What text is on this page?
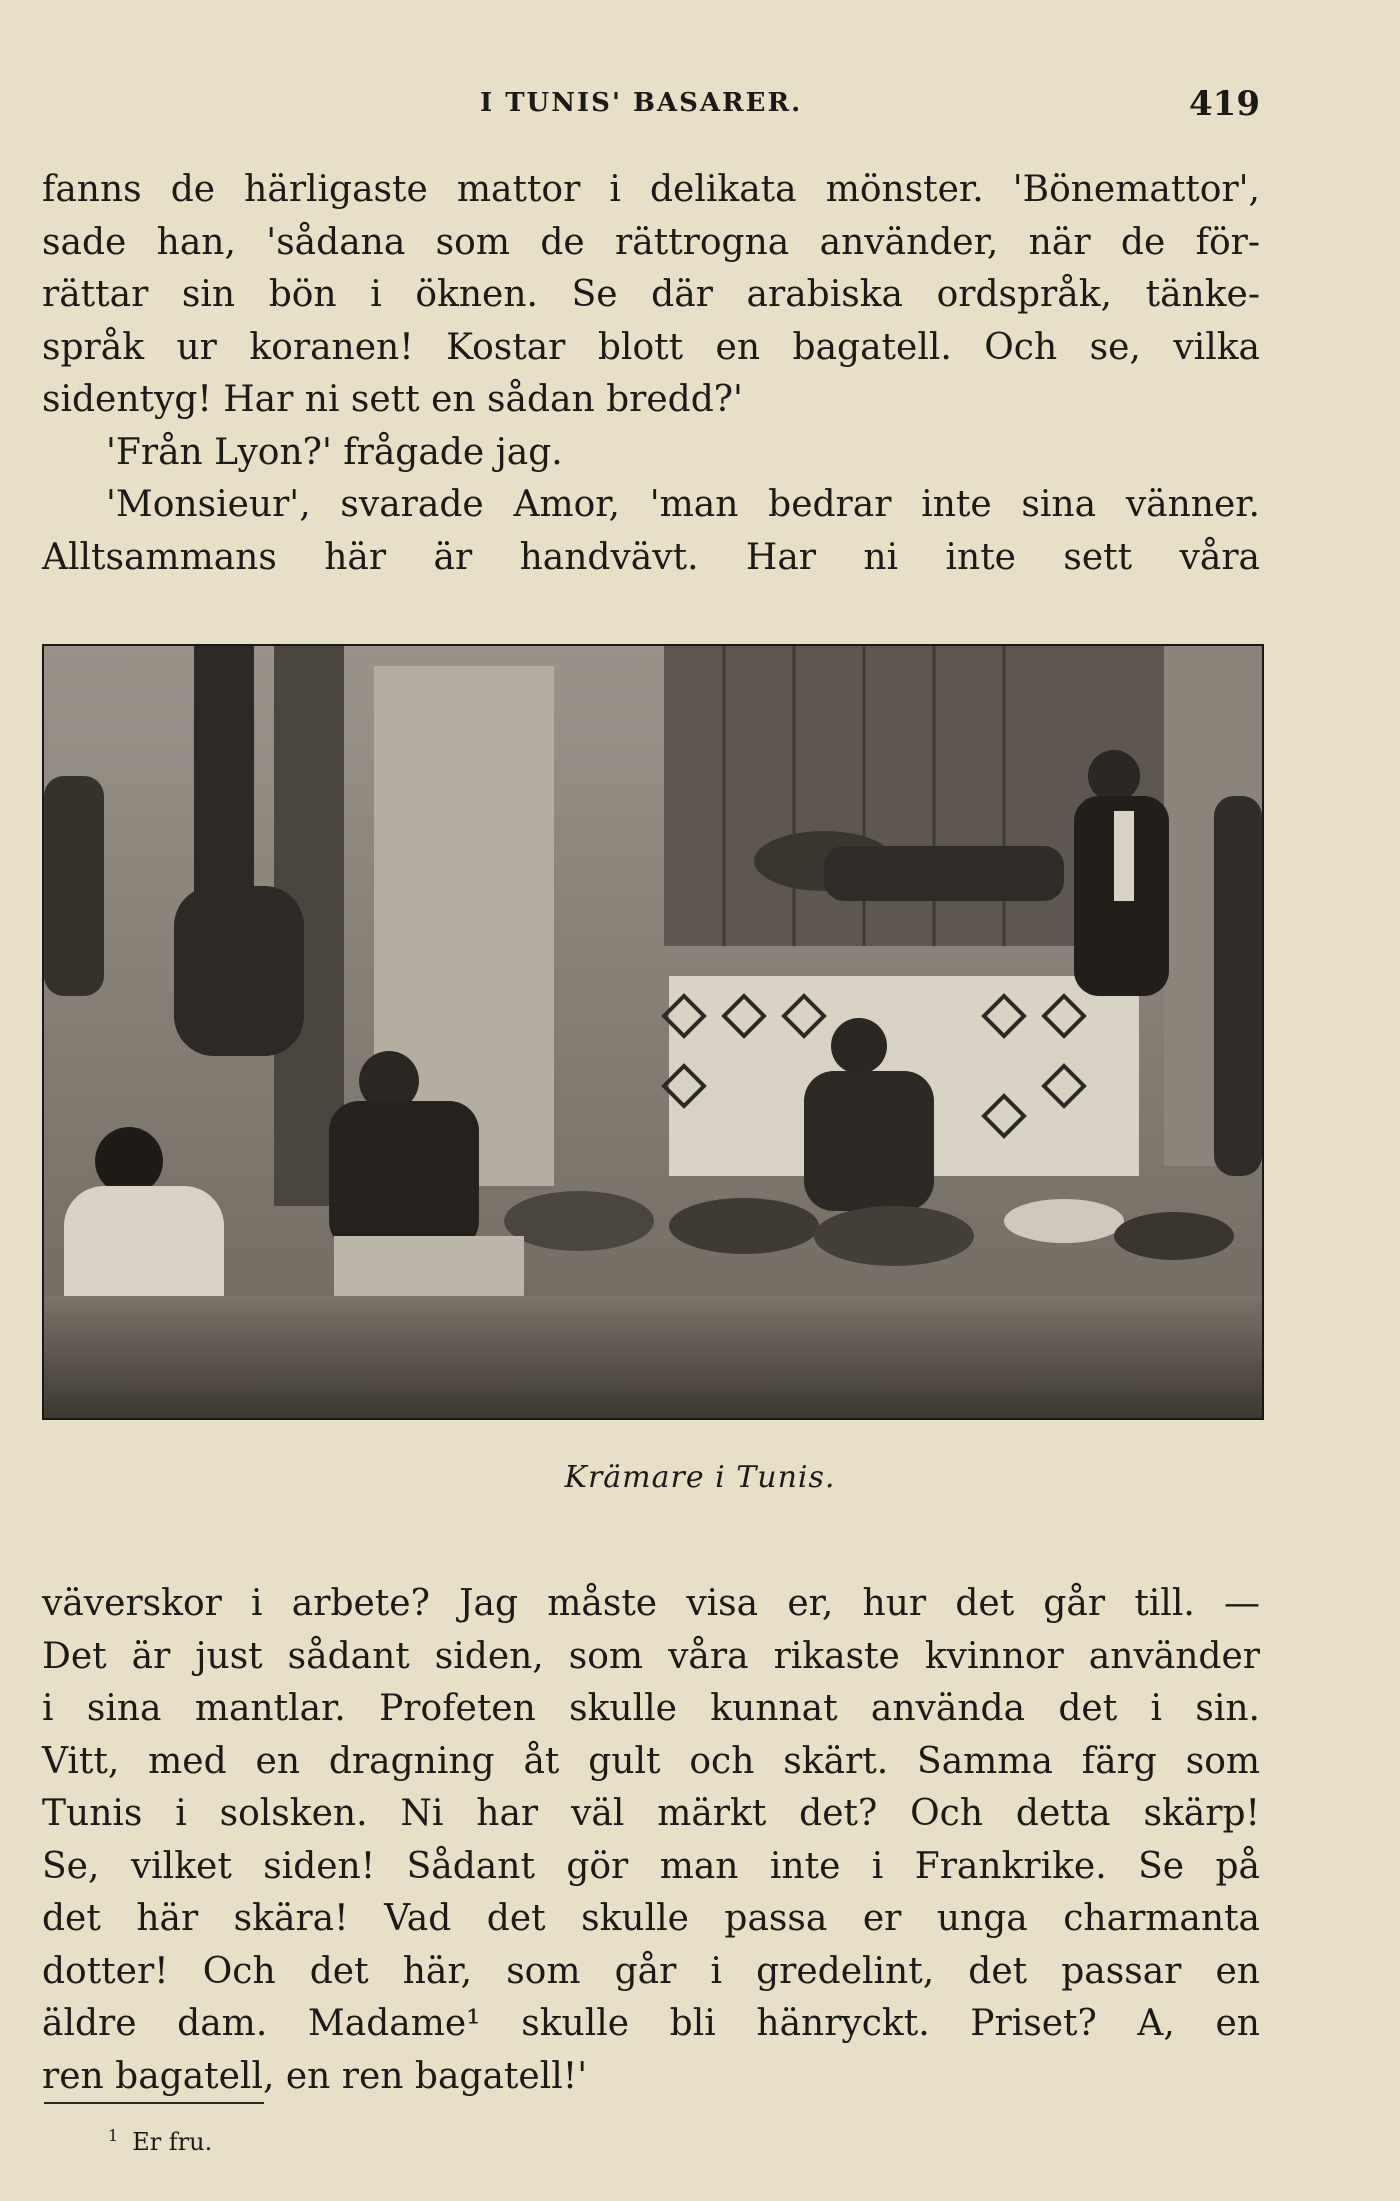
I TUNIS' BASARER.	419
fanns de härligaste mattor i delikata mönster. 'Bönemattor',
sade han, 'sådana som de rättrogna använder, när de för-
rättar sin bön i öknen. Se där arabiska ordspråk, tänke-
språk ur koranen! Kostar blott en bagatell. Och se, vilka
sidentyg! Har ni sett en sådan bredd?'
'Från Lyon?' frågade jag.
'Monsieur', svarade Amor, 'man bedrar inte sina vänner.
Alltsammans här är handvävt. Har ni inte sett våra
Krämare i Tunis.
väverskor i arbete? Jag måste visa er, hur det går till. —
Det är just sådant siden, som våra rikaste kvinnor använder
i sina mantlar. Profeten skulle kunnat använda det i sin.
Vitt, med en dragning åt gult och skärt. Samma färg som
Tunis i solsken. Ni har väl märkt det? Och detta skärp!
Se, vilket siden! Sådant gör man inte i Frankrike. Se på
det här skära! Vad det skulle passa er unga charmanta
dotter! Och det här, som går i gredelint, det passar en
äldre dam. Madame¹ skulle bli hänryckt. Priset? A, en
ren bagatell, en ren bagatell!'
$^1$ Er fru.
